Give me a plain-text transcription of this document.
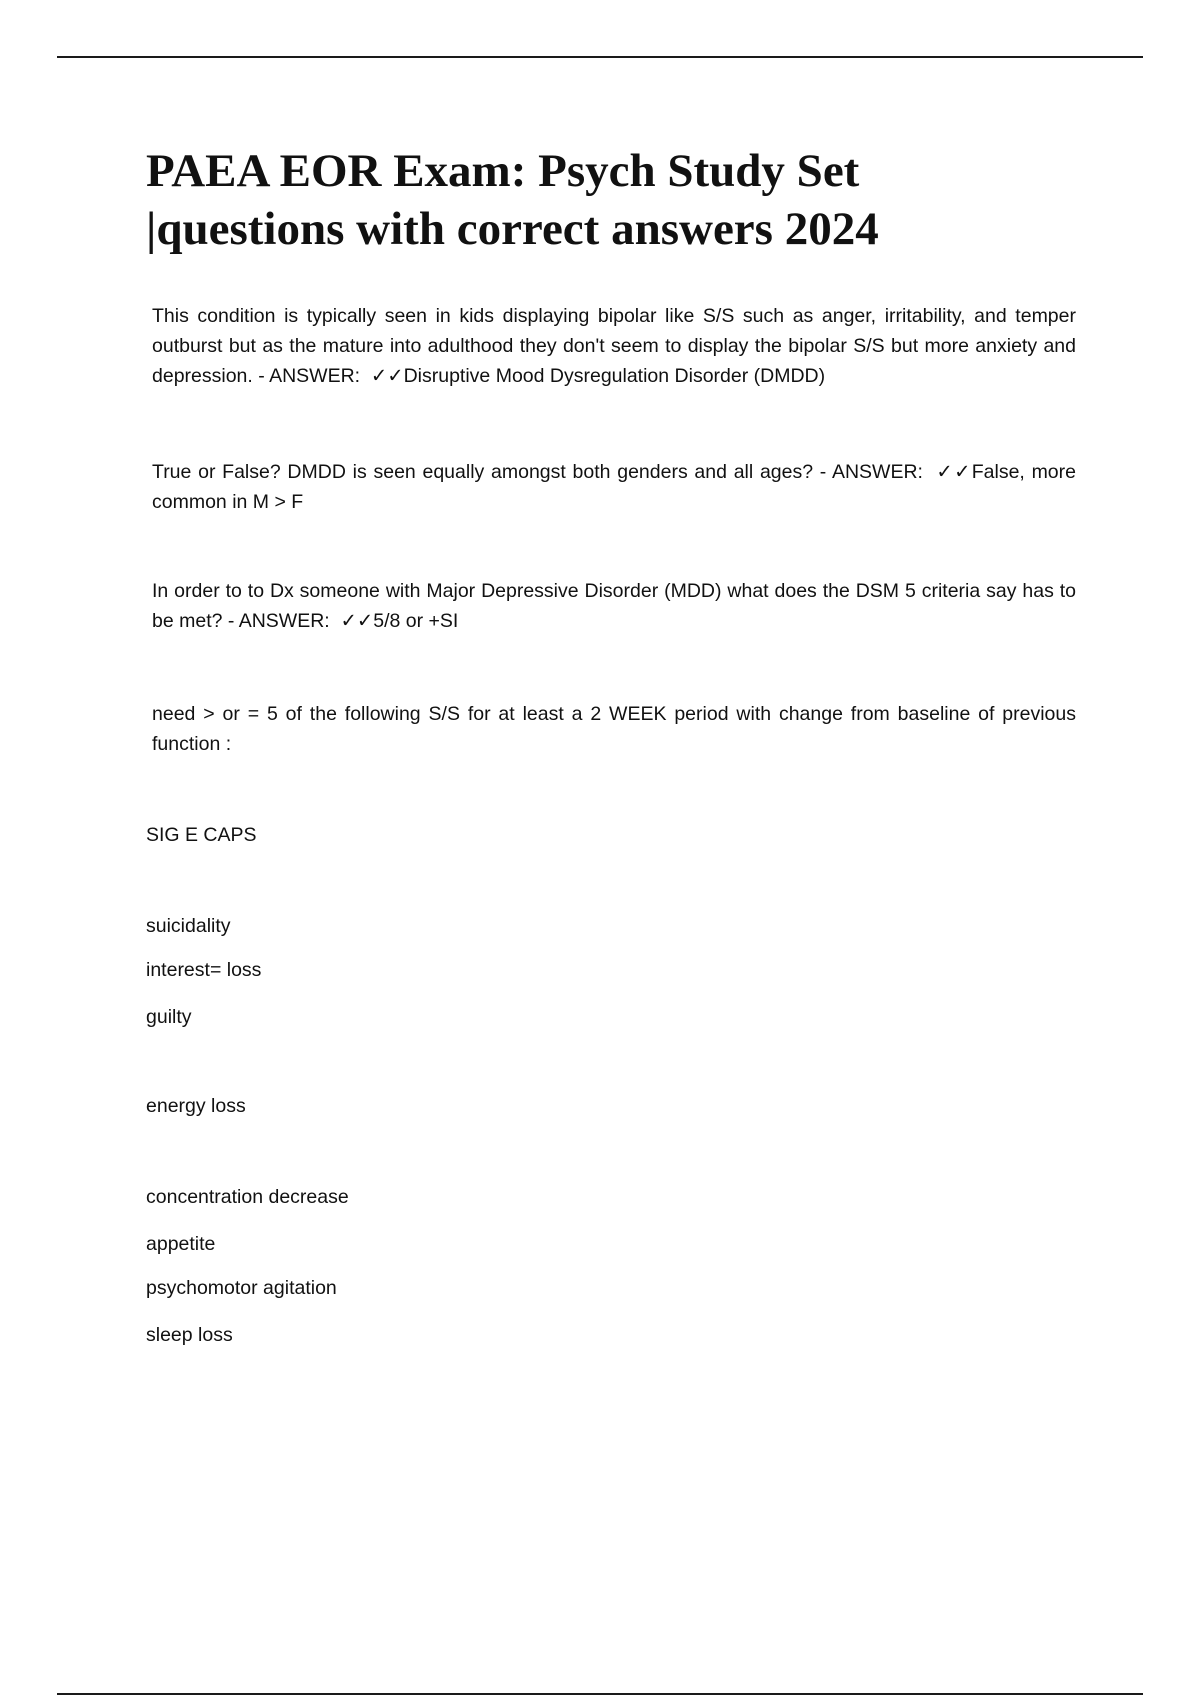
PAEA EOR Exam: Psych Study Set
|questions with correct answers 2024

This condition is typically seen in kids displaying bipolar like S/S such as anger, irritability, and temper outburst but as the mature into adulthood they don't seem to display the bipolar S/S but more anxiety and depression. - ANSWER:  ✓✓Disruptive Mood Dysregulation Disorder (DMDD)

True or False? DMDD is seen equally amongst both genders and all ages? - ANSWER:  ✓✓False, more common in M > F

In order to to Dx someone with Major Depressive Disorder (MDD) what does the DSM 5 criteria say has to be met? - ANSWER:  ✓✓5/8 or +SI

need > or = 5 of the following S/S for at least a 2 WEEK period with change from baseline of previous function :

SIG E CAPS

suicidality

interest= loss

guilty

energy loss

concentration decrease

appetite

psychomotor agitation

sleep loss
